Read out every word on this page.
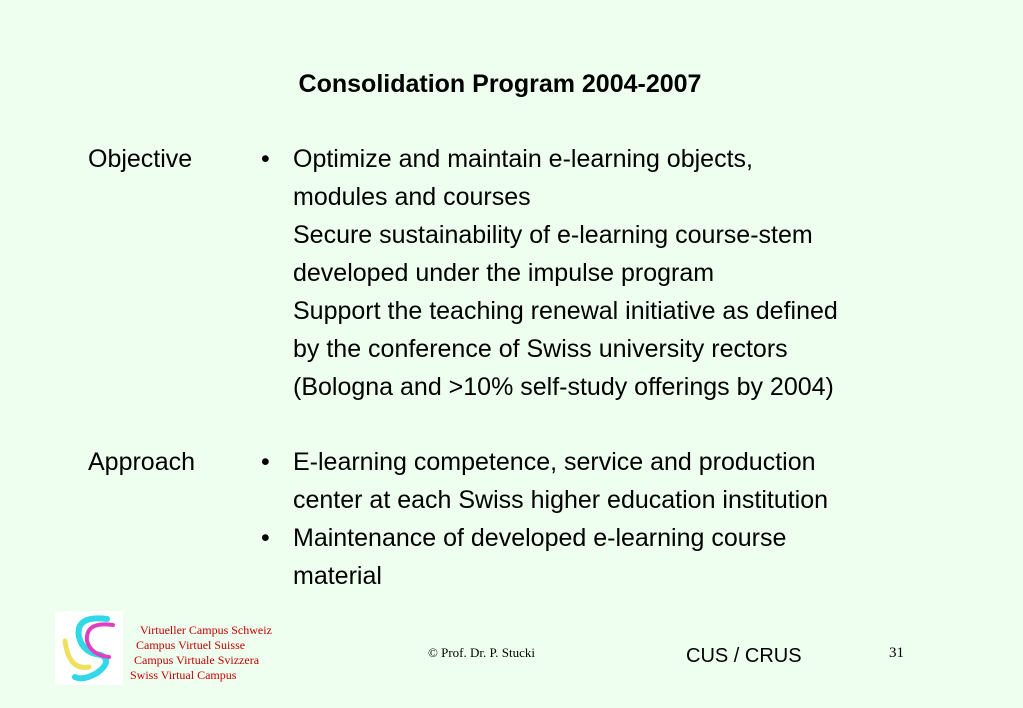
Consolidation Program 2004-2007
Objective	• Optimize and maintain e-learning objects,
modules and courses
Secure sustainability of e-learning course-stem
developed under the impulse program
Support the teaching renewal initiative as defined
by the conference of Swiss university rectors
(Bologna and >10% self-study offerings by 2004)
Approach	• E-learning competence, service and production
center at each Swiss higher education institution
• Maintenance of developed e-learning course
material
Virtueller Campus Schweiz
Campus Virtuel Suisse
Campus Virtuale Svizzera
Swiss Virtual Campus
© Prof. Dr. P. Stucki	CUS / CRUS	31
